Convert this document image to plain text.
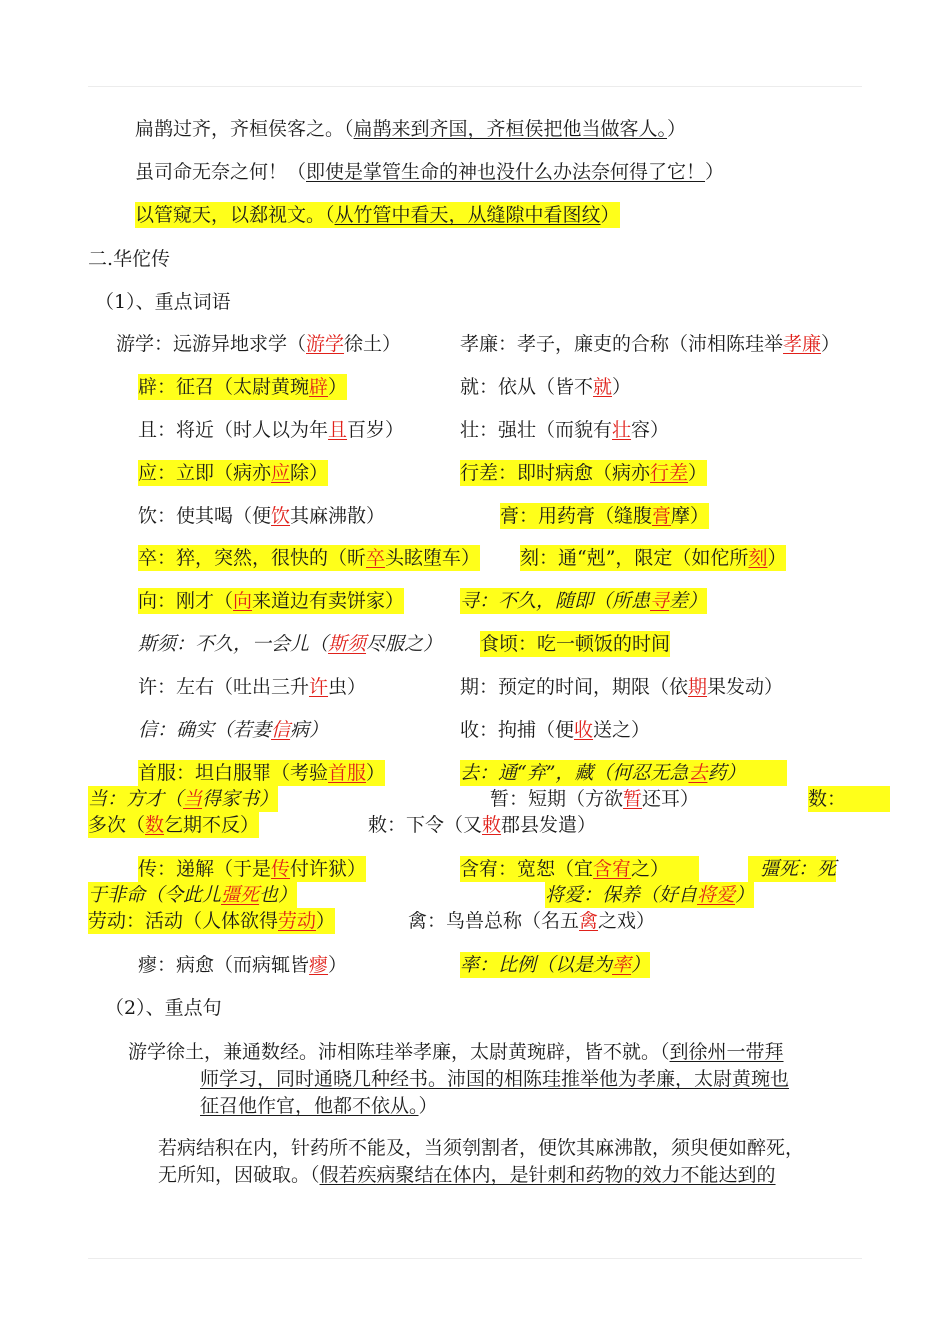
扁鹊过齐，齐桓侯客之。（扁鹊来到齐国，齐桓侯把他当做客人。）
虽司命无奈之何！（即使是掌管生命的神也没什么办法奈何得了它！）
以管窥天，以郄视文。（从竹管中看天，从缝隙中看图纹）
二.华佗传
（1）、重点词语
游学：远游异地求学（游学徐土）	孝廉：孝子，廉吏的合称（沛相陈珪举孝廉）
辟：征召（太尉黄琬辟）	就：依从（皆不就）
且：将近（时人以为年且百岁）	壮：强壮（而貌有壮容）
应：立即（病亦应除）	行差：即时病愈（病亦行差）
饮：使其喝（便饮其麻沸散）	膏：用药膏（缝腹膏摩）
卒：猝，突然，很快的（昕卒头眩堕车） 刻：通“剋”，限定（如佗所刻）
向：刚才（向来道边有卖饼家）	寻：不久，随即（所患寻差）
斯须：不久，一会儿（斯须尽服之） 食顷：吃一顿饭的时间
许：左右（吐出三升许虫）	期：预定的时间，期限（依期果发动）
信：确实（若妻信病）	收：拘捕（便收送之）
首服：坦白服罪（考验首服）	去：通“弃”，藏（何忍无急去药）
当：方才（当得家书）	暂：短期（方欲暂还耳）	数：
多次（数乞期不反）	敕：下令（又敕郡县发遣）
传：递解（于是传付许狱）	含宥：宽恕（宜含宥之）	彊死：死
于非命（令此儿彊死也）	将爱：保养（好自将爱）
劳动：活动（人体欲得劳动）	禽：鸟兽总称（名五禽之戏）
瘳：病愈（而病辄皆瘳）	率：比例（以是为率）
（2）、重点句
游学徐土，兼通数经。沛相陈珪举孝廉，太尉黄琬辟，皆不就。（到徐州一带拜
师学习，同时通晓几种经书。沛国的相陈珪推举他为孝廉，太尉黄琬也
征召他作官，他都不依从。）
若病结积在内，针药所不能及，当须刳割者，便饮其麻沸散，须臾便如醉死，
无所知，因破取。（假若疾病聚结在体内，是针刺和药物的效力不能达到的
